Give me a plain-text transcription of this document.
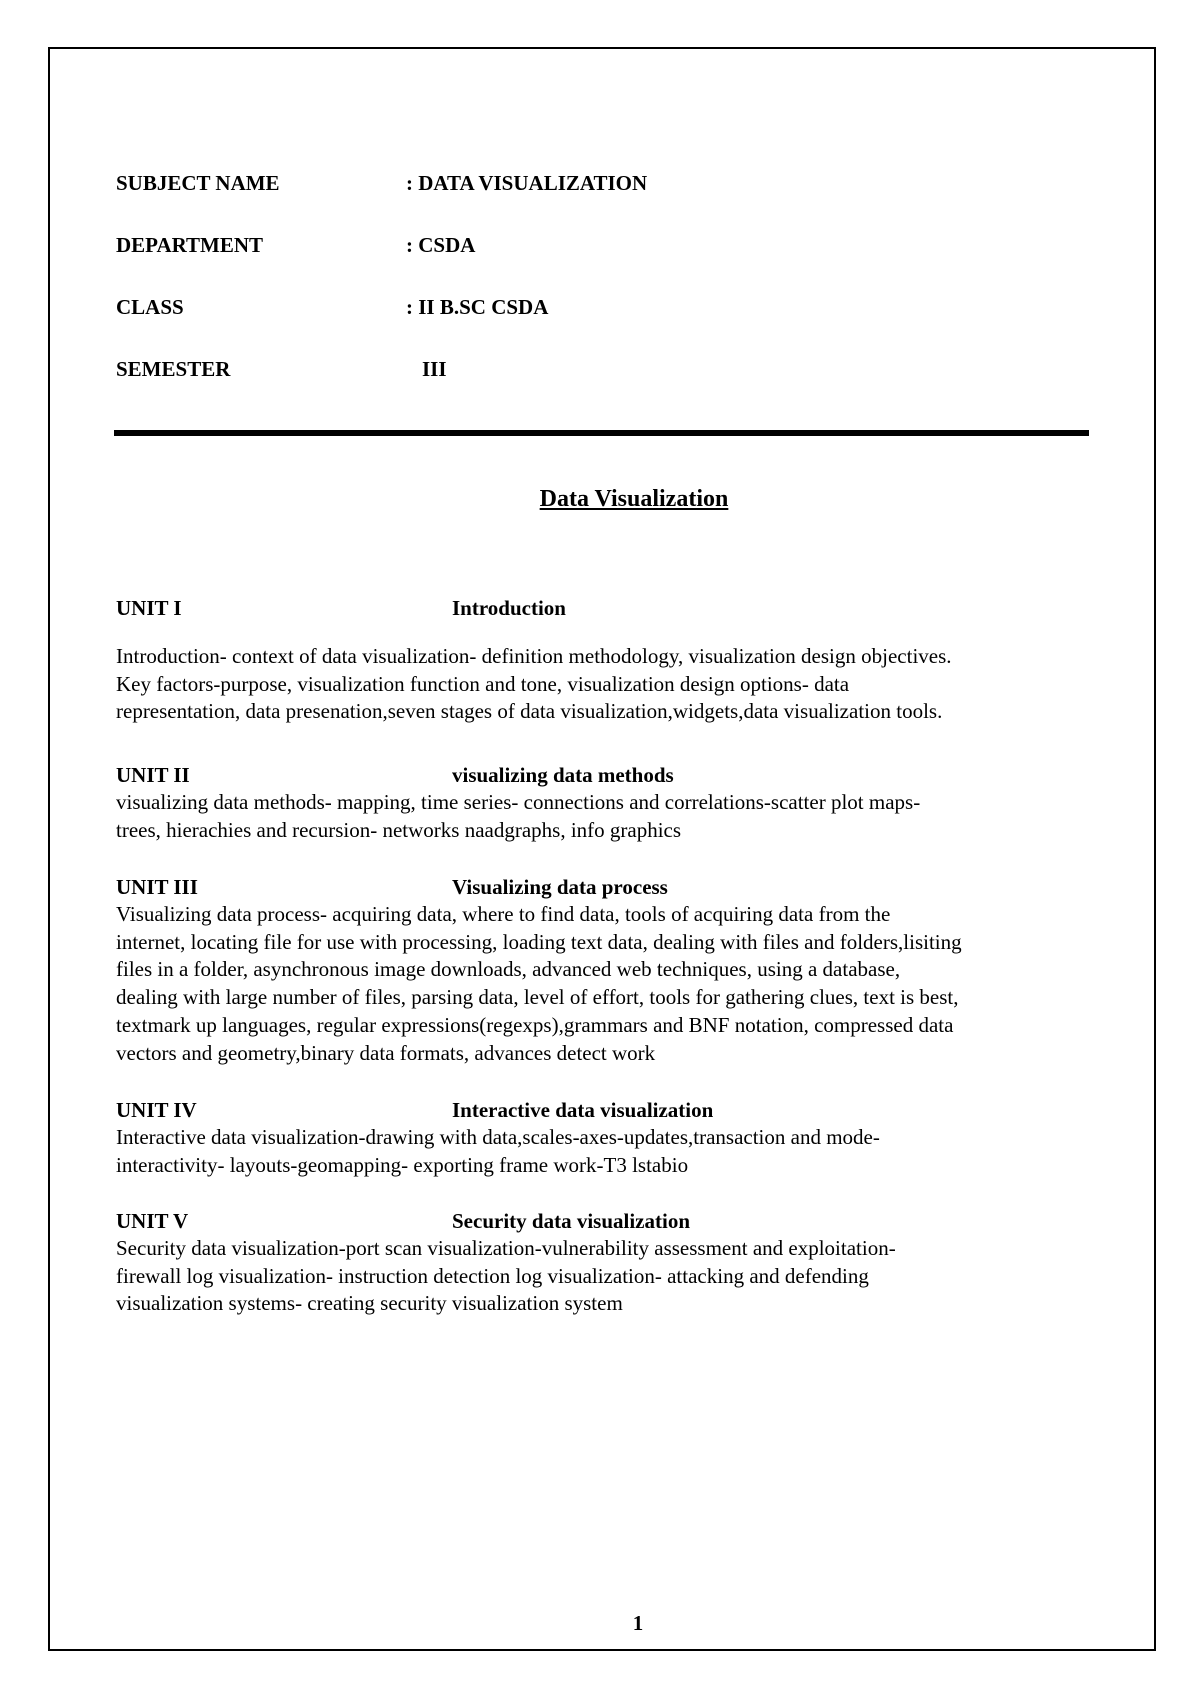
SUBJECT NAME	: DATA VISUALIZATION
DEPARTMENT	: CSDA
CLASS	: II B.SC CSDA
SEMESTER	III
Data Visualization
UNIT I	Introduction
Introduction- context of data visualization- definition methodology, visualization design objectives.
Key factors-purpose, visualization function and tone, visualization design options- data
representation, data presenation,seven stages of data visualization,widgets,data visualization tools.
UNIT II	visualizing data methods
visualizing data methods- mapping, time series- connections and correlations-scatter plot maps-
trees, hierachies and recursion- networks naadgraphs, info graphics
UNIT III	Visualizing data process
Visualizing data process- acquiring data, where to find data, tools of acquiring data from the
internet, locating file for use with processing, loading text data, dealing with files and folders,lisiting
files in a folder, asynchronous image downloads, advanced web techniques, using a database,
dealing with large number of files, parsing data, level of effort, tools for gathering clues, text is best,
textmark up languages, regular expressions(regexps),grammars and BNF notation, compressed data
vectors and geometry,binary data formats, advances detect work
UNIT IV	Interactive data visualization
Interactive data visualization-drawing with data,scales-axes-updates,transaction and mode-
interactivity- layouts-geomapping- exporting frame work-T3 lstabio
UNIT V	Security data visualization
Security data visualization-port scan visualization-vulnerability assessment and exploitation-
firewall log visualization- instruction detection log visualization- attacking and defending
visualization systems- creating security visualization system
1
